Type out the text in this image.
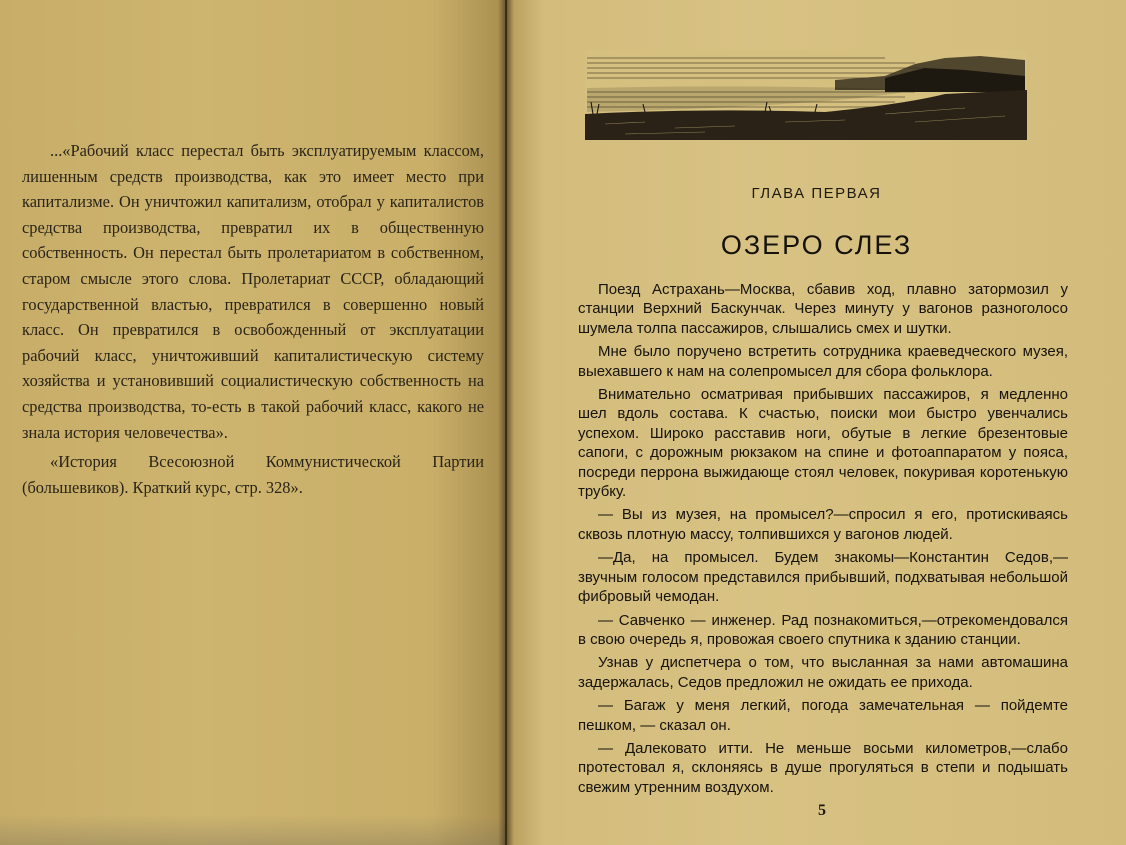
...«Рабочий класс перестал быть эксплуатируемым классом, лишенным средств производства, как это имеет место при капитализме. Он уничтожил капитализм, отобрал у капиталистов средства производства, превратил их в общественную собственность. Он перестал быть пролетариатом в собственном, старом смысле этого слова. Пролетариат СССР, обладающий государственной властью, превратился в совершенно новый класс. Он превратился в освобожденный от эксплуатации рабочий класс, уничтоживший капиталистическую систему хозяйства и установивший социалистическую собственность на средства производства, то-есть в такой рабочий класс, какого не знала история человечества».

«История Всесоюзной Коммунистической Партии (большевиков). Краткий курс, стр. 328».

ГЛАВА ПЕРВАЯ
ОЗЕРО СЛЕЗ

Поезд Астрахань—Москва, сбавив ход, плавно затормозил у станции Верхний Баскунчак. Через минуту у вагонов разноголосо шумела толпа пассажиров, слышались смех и шутки.

Мне было поручено встретить сотрудника краеведческого музея, выехавшего к нам на солепромысел для сбора фольклора.

Внимательно осматривая прибывших пассажиров, я медленно шел вдоль состава. К счастью, поиски мои быстро увенчались успехом. Широко расставив ноги, обутые в легкие брезентовые сапоги, с дорожным рюкзаком на спине и фотоаппаратом у пояса, посреди перрона выжидающе стоял человек, покуривая коротенькую трубку.

— Вы из музея, на промысел?—спросил я его, протискиваясь сквозь плотную массу, толпившихся у вагонов людей.

—Да, на промысел. Будем знакомы—Константин Седов,— звучным голосом представился прибывший, подхватывая небольшой фибровый чемодан.

— Савченко — инженер. Рад познакомиться,—отрекомендовался в свою очередь я, провожая своего спутника к зданию станции.

Узнав у диспетчера о том, что высланная за нами автомашина задержалась, Седов предложил не ожидать ее прихода.

— Багаж у меня легкий, погода замечательная — пойдемте пешком, — сказал он.

— Далековато итти. Не меньше восьми километров,—слабо протестовал я, склоняясь в душе прогуляться в степи и подышать свежим утренним воздухом.

5
